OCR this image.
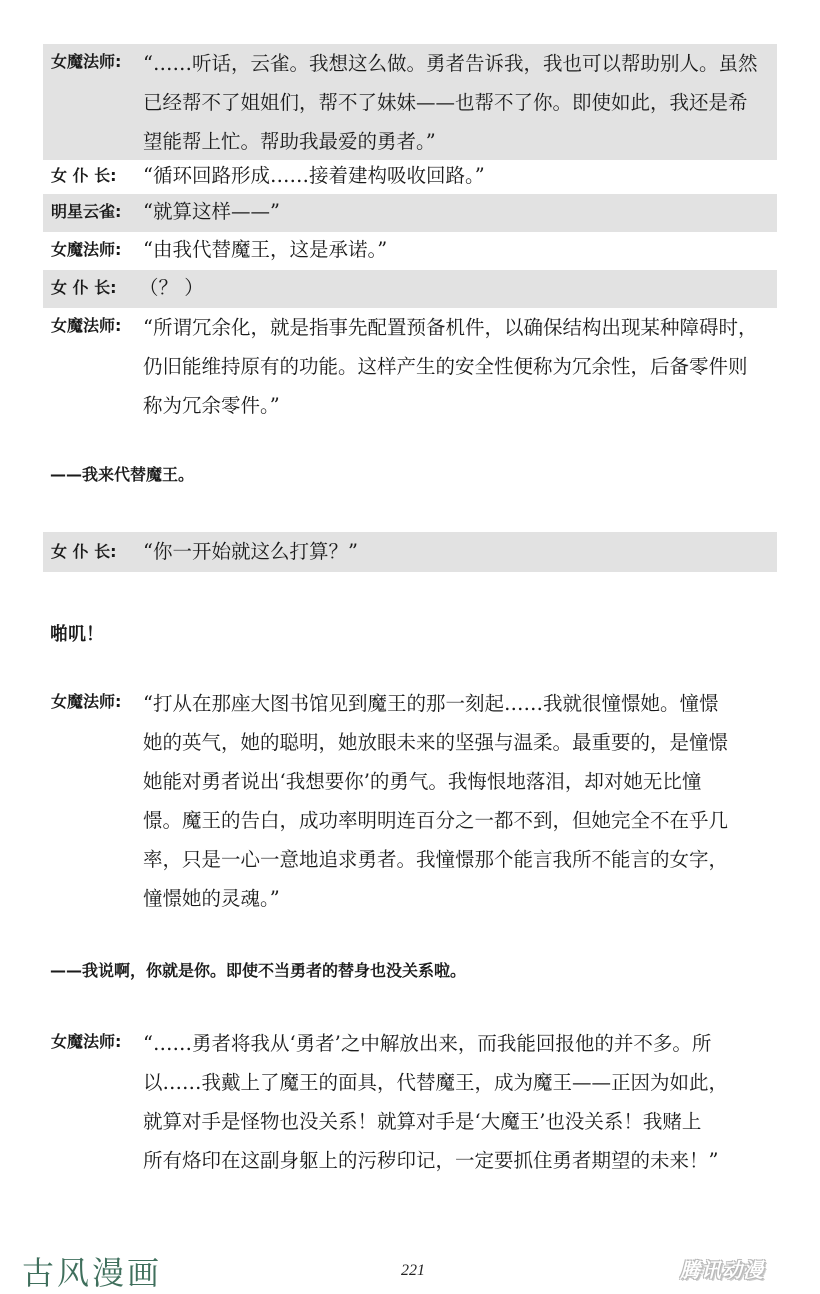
女魔法师: “……听话，云雀。我想这么做。勇者告诉我，我也可以帮助别人。虽然
已经帮不了姐姐们，帮不了妹妹——也帮不了你。即使如此，我还是希
望能帮上忙。帮助我最爱的勇者。”
女 仆 长: “循环回路形成……接着建构吸收回路。”
明星云雀: “就算这样——”
女魔法师: “由我代替魔王，这是承诺。”
女 仆 长: （？ ）
女魔法师: “所谓冗余化，就是指事先配置预备机件，以确保结构出现某种障碍时，
仍旧能维持原有的功能。这样产生的安全性便称为冗余性，后备零件则
称为冗余零件。”
——我来代替魔王。
女 仆 长: “你一开始就这么打算？”
啪叽！
女魔法师: “打从在那座大图书馆见到魔王的那一刻起……我就很憧憬她。憧憬
她的英气，她的聪明，她放眼未来的坚强与温柔。最重要的，是憧憬
她能对勇者说出‘我想要你’的勇气。我悔恨地落泪，却对她无比憧
憬。魔王的告白，成功率明明连百分之一都不到，但她完全不在乎几
率，只是一心一意地追求勇者。我憧憬那个能言我所不能言的女字，
憧憬她的灵魂。”
——我说啊，你就是你。即使不当勇者的替身也没关系啦。
女魔法师: “……勇者将我从‘勇者’之中解放出来，而我能回报他的并不多。所
以……我戴上了魔王的面具，代替魔王，成为魔王——正因为如此，
就算对手是怪物也没关系！就算对手是‘大魔王’也没关系！我赌上
所有烙印在这副身躯上的污秽印记，一定要抓住勇者期望的未来！”
古风漫画	221	腾讯动漫
